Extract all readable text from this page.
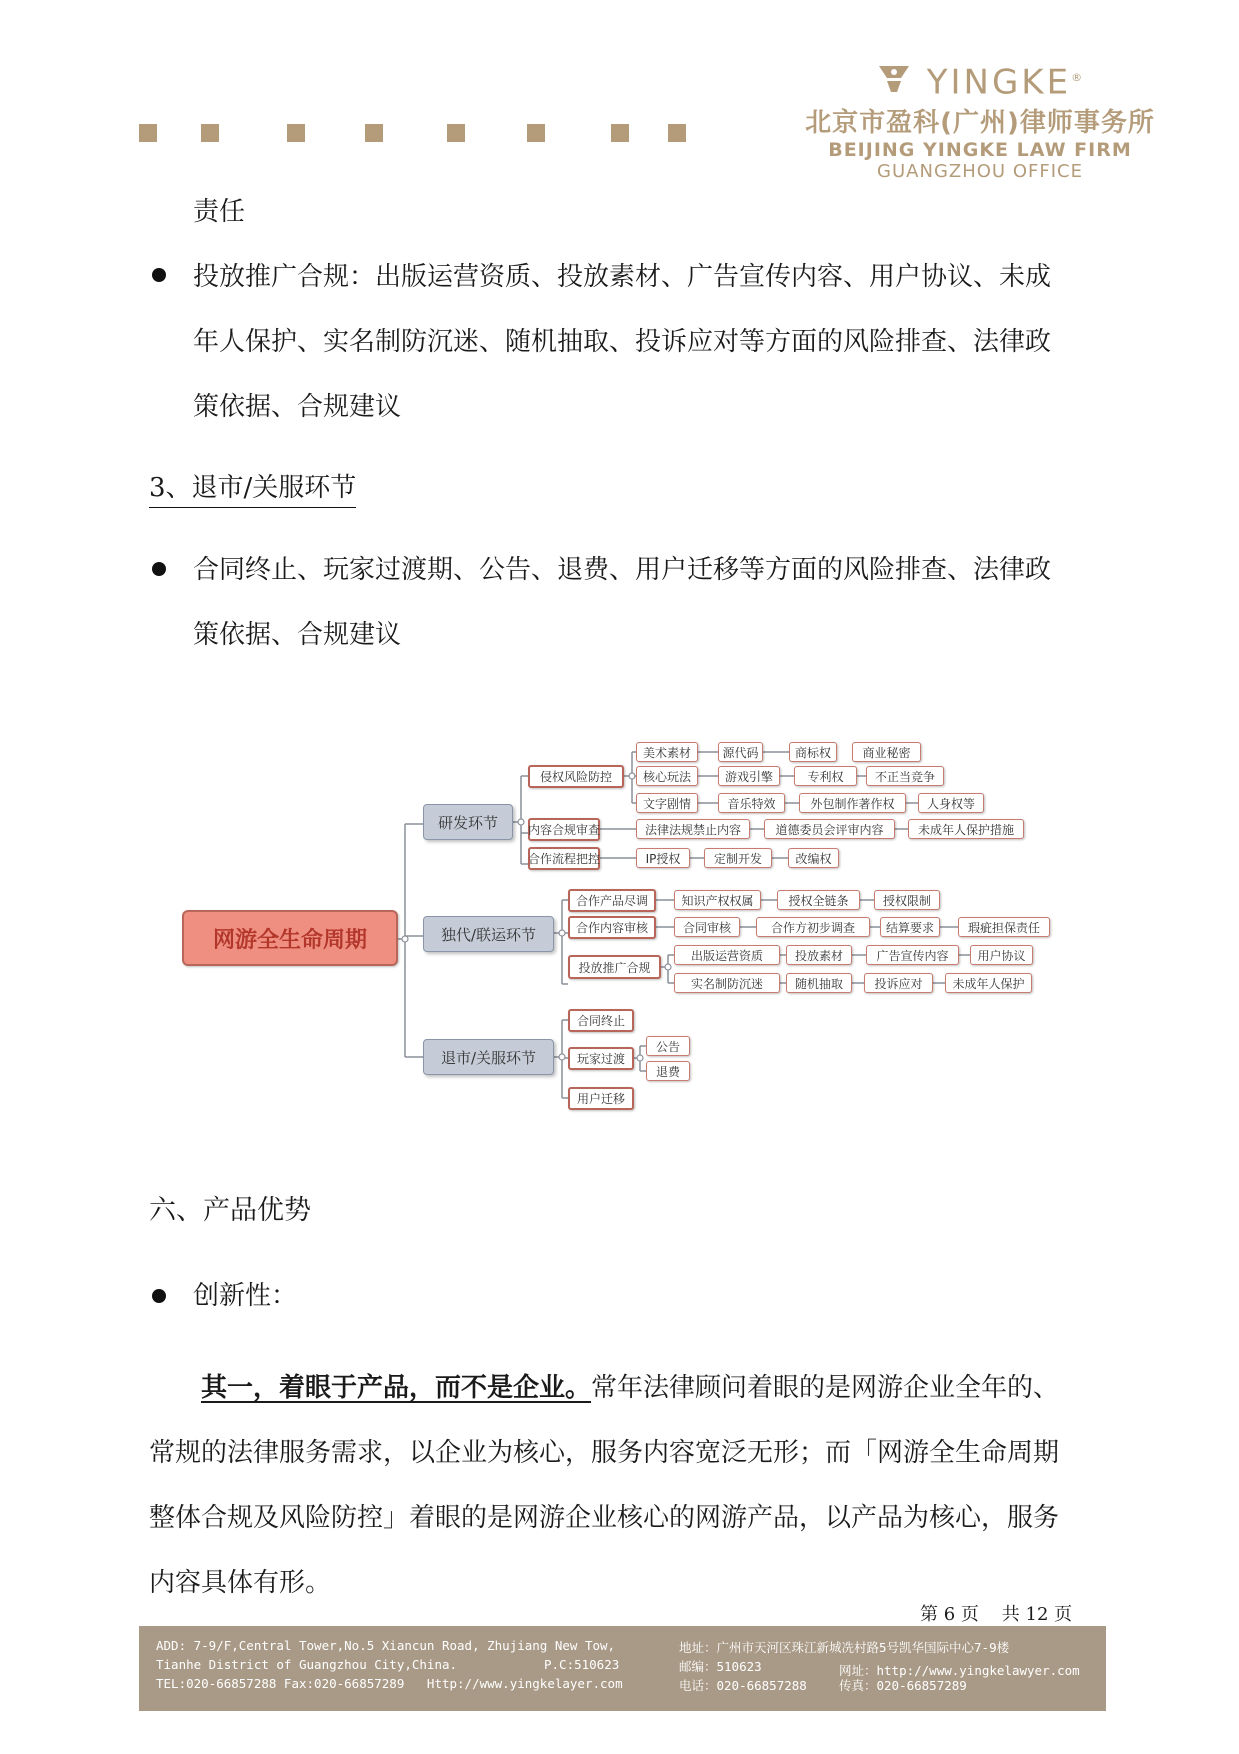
YINGKE®
北京市盈科(广州)律师事务所
BEIJING YINGKE LAW FIRM
GUANGZHOU OFFICE
责任
投放推广合规：出版运营资质、投放素材、广告宣传内容、用户协议、未成
年人保护、实名制防沉迷、随机抽取、投诉应对等方面的风险排查、法律政
策依据、合规建议
3、退市/关服环节
合同终止、玩家过渡期、公告、退费、用户迁移等方面的风险排查、法律政
策依据、合规建议
网游全生命周期
研发环节
独代/联运环节
退市/关服环节
侵权风险防控
内容合规审查
合作流程把控
美术素材	源代码	商标权	商业秘密
核心玩法	游戏引擎	专利权	不正当竞争
文字剧情	音乐特效	外包制作著作权	人身权等
法律法规禁止内容	道德委员会评审内容	未成年人保护措施
IP授权	定制开发	改编权
合作产品尽调
合作内容审核
投放推广合规
知识产权权属	授权全链条	授权限制
合同审核	合作方初步调查	结算要求	瑕疵担保责任
出版运营资质	投放素材	广告宣传内容	用户协议
实名制防沉迷	随机抽取	投诉应对	未成年人保护
合同终止
玩家过渡
用户迁移
公告
退费
六、产品优势
创新性：
其一，着眼于产品，而不是企业。常年法律顾问着眼的是网游企业全年的、
常规的法律服务需求，以企业为核心，服务内容宽泛无形；而「网游全生命周期
整体合规及风险防控」着眼的是网游企业核心的网游产品，以产品为核心，服务
内容具体有形。
第 6 页    共 12 页
ADD: 7-9/F,Central Tower,No.5 Xiancun Road, Zhujiang New Tow,
Tianhe District of Guangzhou City,China.	P.C:510623
TEL:020-66857288 Fax:020-66857289   Http://www.yingkelayer.com
地址：广州市天河区珠江新城冼村路5号凯华国际中心7-9楼
邮编：510623	网址：http://www.yingkelawyer.com
电话：020-66857288	传真：020-66857289
